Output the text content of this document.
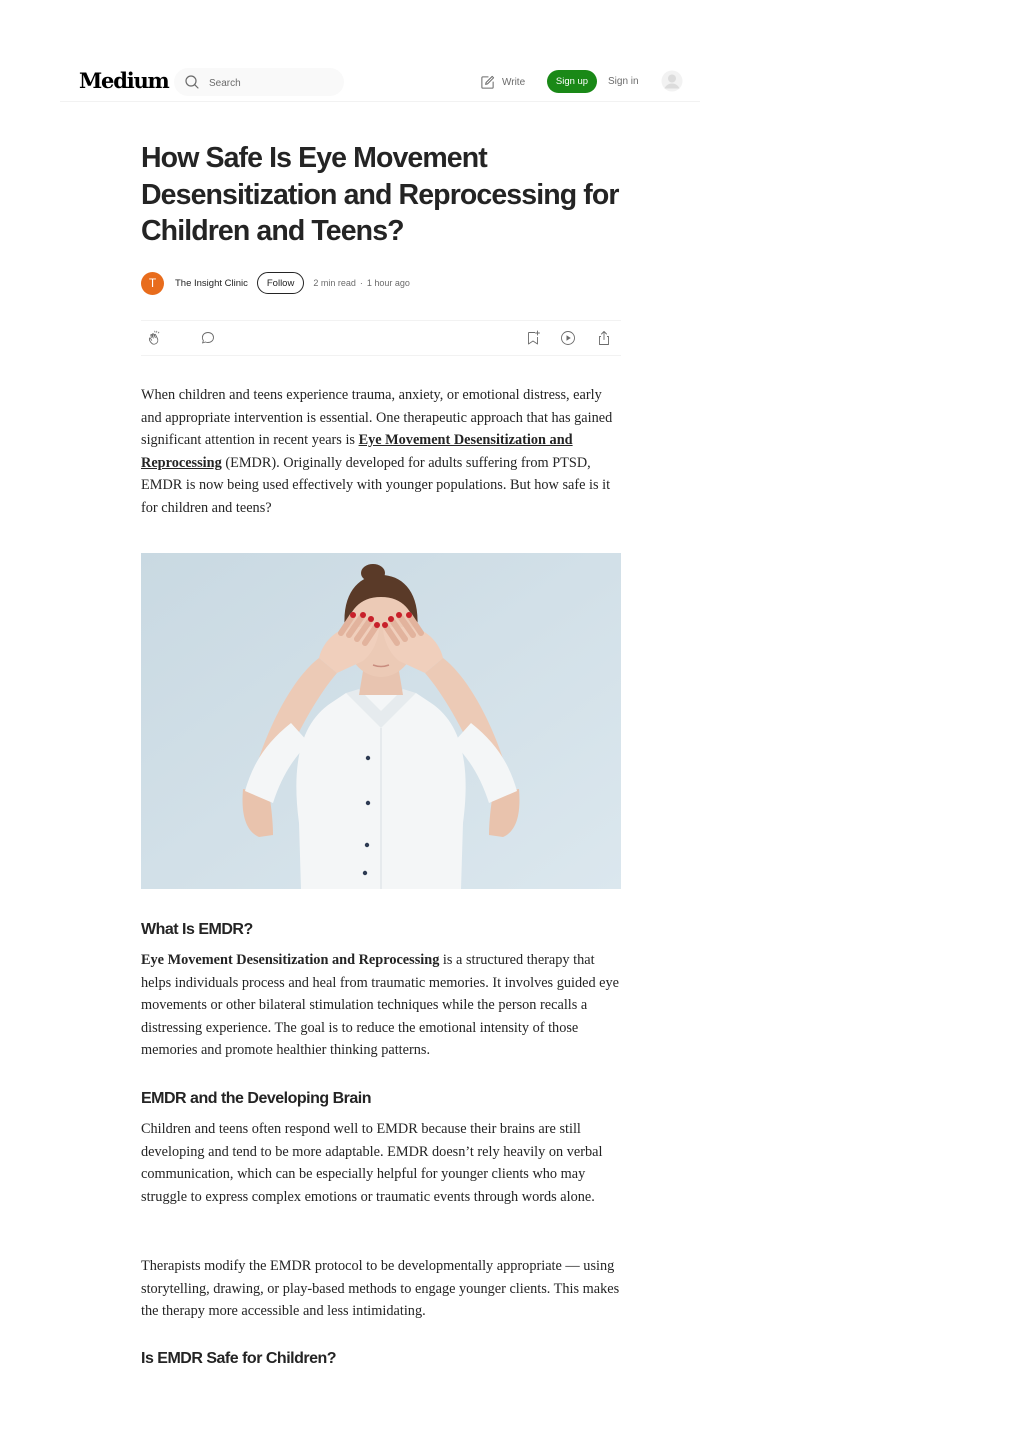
Medium
Search	Write	Sign up	Sign in
How Safe Is Eye Movement Desensitization and Reprocessing for Children and Teens?
T	The Insight Clinic	Follow	2 min read · 1 hour ago

When children and teens experience trauma, anxiety, or emotional distress, early and appropriate intervention is essential. One therapeutic approach that has gained significant attention in recent years is Eye Movement Desensitization and Reprocessing (EMDR). Originally developed for adults suffering from PTSD, EMDR is now being used effectively with younger populations. But how safe is it for children and teens?

What Is EMDR?

Eye Movement Desensitization and Reprocessing is a structured therapy that helps individuals process and heal from traumatic memories. It involves guided eye movements or other bilateral stimulation techniques while the person recalls a distressing experience. The goal is to reduce the emotional intensity of those memories and promote healthier thinking patterns.

EMDR and the Developing Brain

Children and teens often respond well to EMDR because their brains are still developing and tend to be more adaptable. EMDR doesn’t rely heavily on verbal communication, which can be especially helpful for younger clients who may struggle to express complex emotions or traumatic events through words alone.

Therapists modify the EMDR protocol to be developmentally appropriate — using storytelling, drawing, or play-based methods to engage younger clients. This makes the therapy more accessible and less intimidating.

Is EMDR Safe for Children?
